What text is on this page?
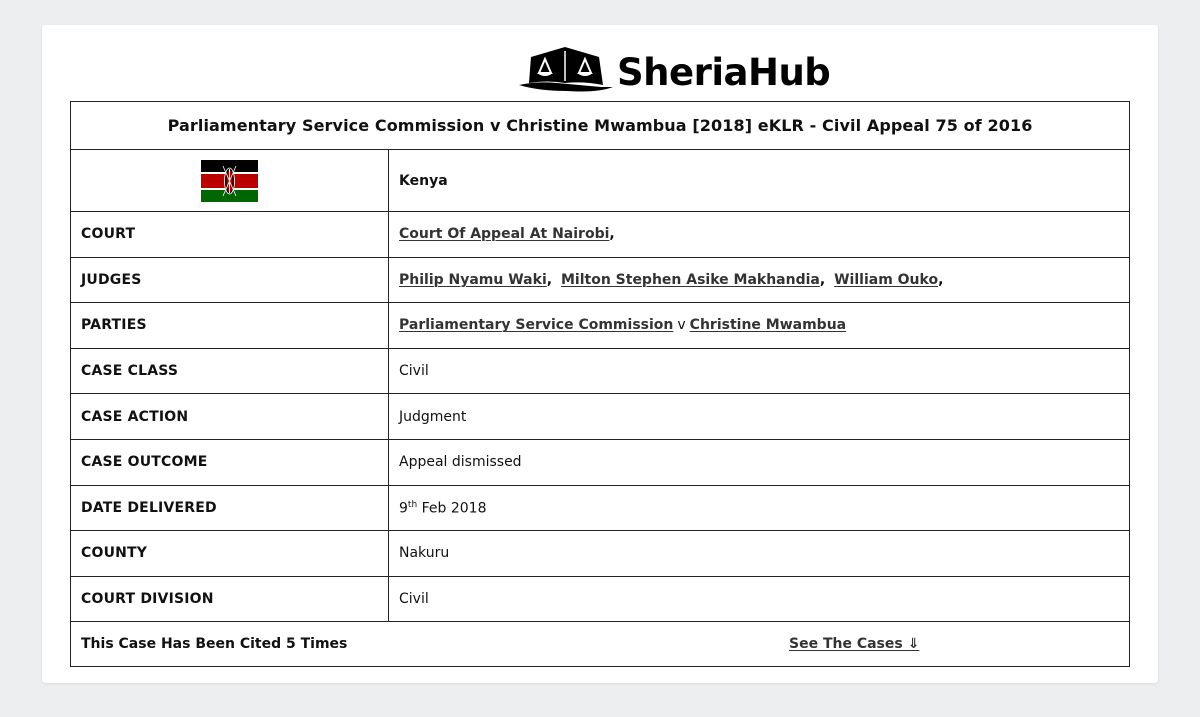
SheriaHub
Parliamentary Service Commission v Christine Mwambua [2018] eKLR - Civil Appeal 75 of 2016	
	Kenya
COURT	Court Of Appeal At Nairobi,
JUDGES	Philip Nyamu Waki, Milton Stephen Asike Makhandia, William Ouko,
PARTIES	Parliamentary Service Commission v Christine Mwambua
CASE CLASS	Civil
CASE ACTION	Judgment
CASE OUTCOME	Appeal dismissed
DATE DELIVERED	9th Feb 2018
COUNTY	Nakuru
COURT DIVISION	Civil
This Case Has Been Cited 5 Times See The Cases ⇓	
